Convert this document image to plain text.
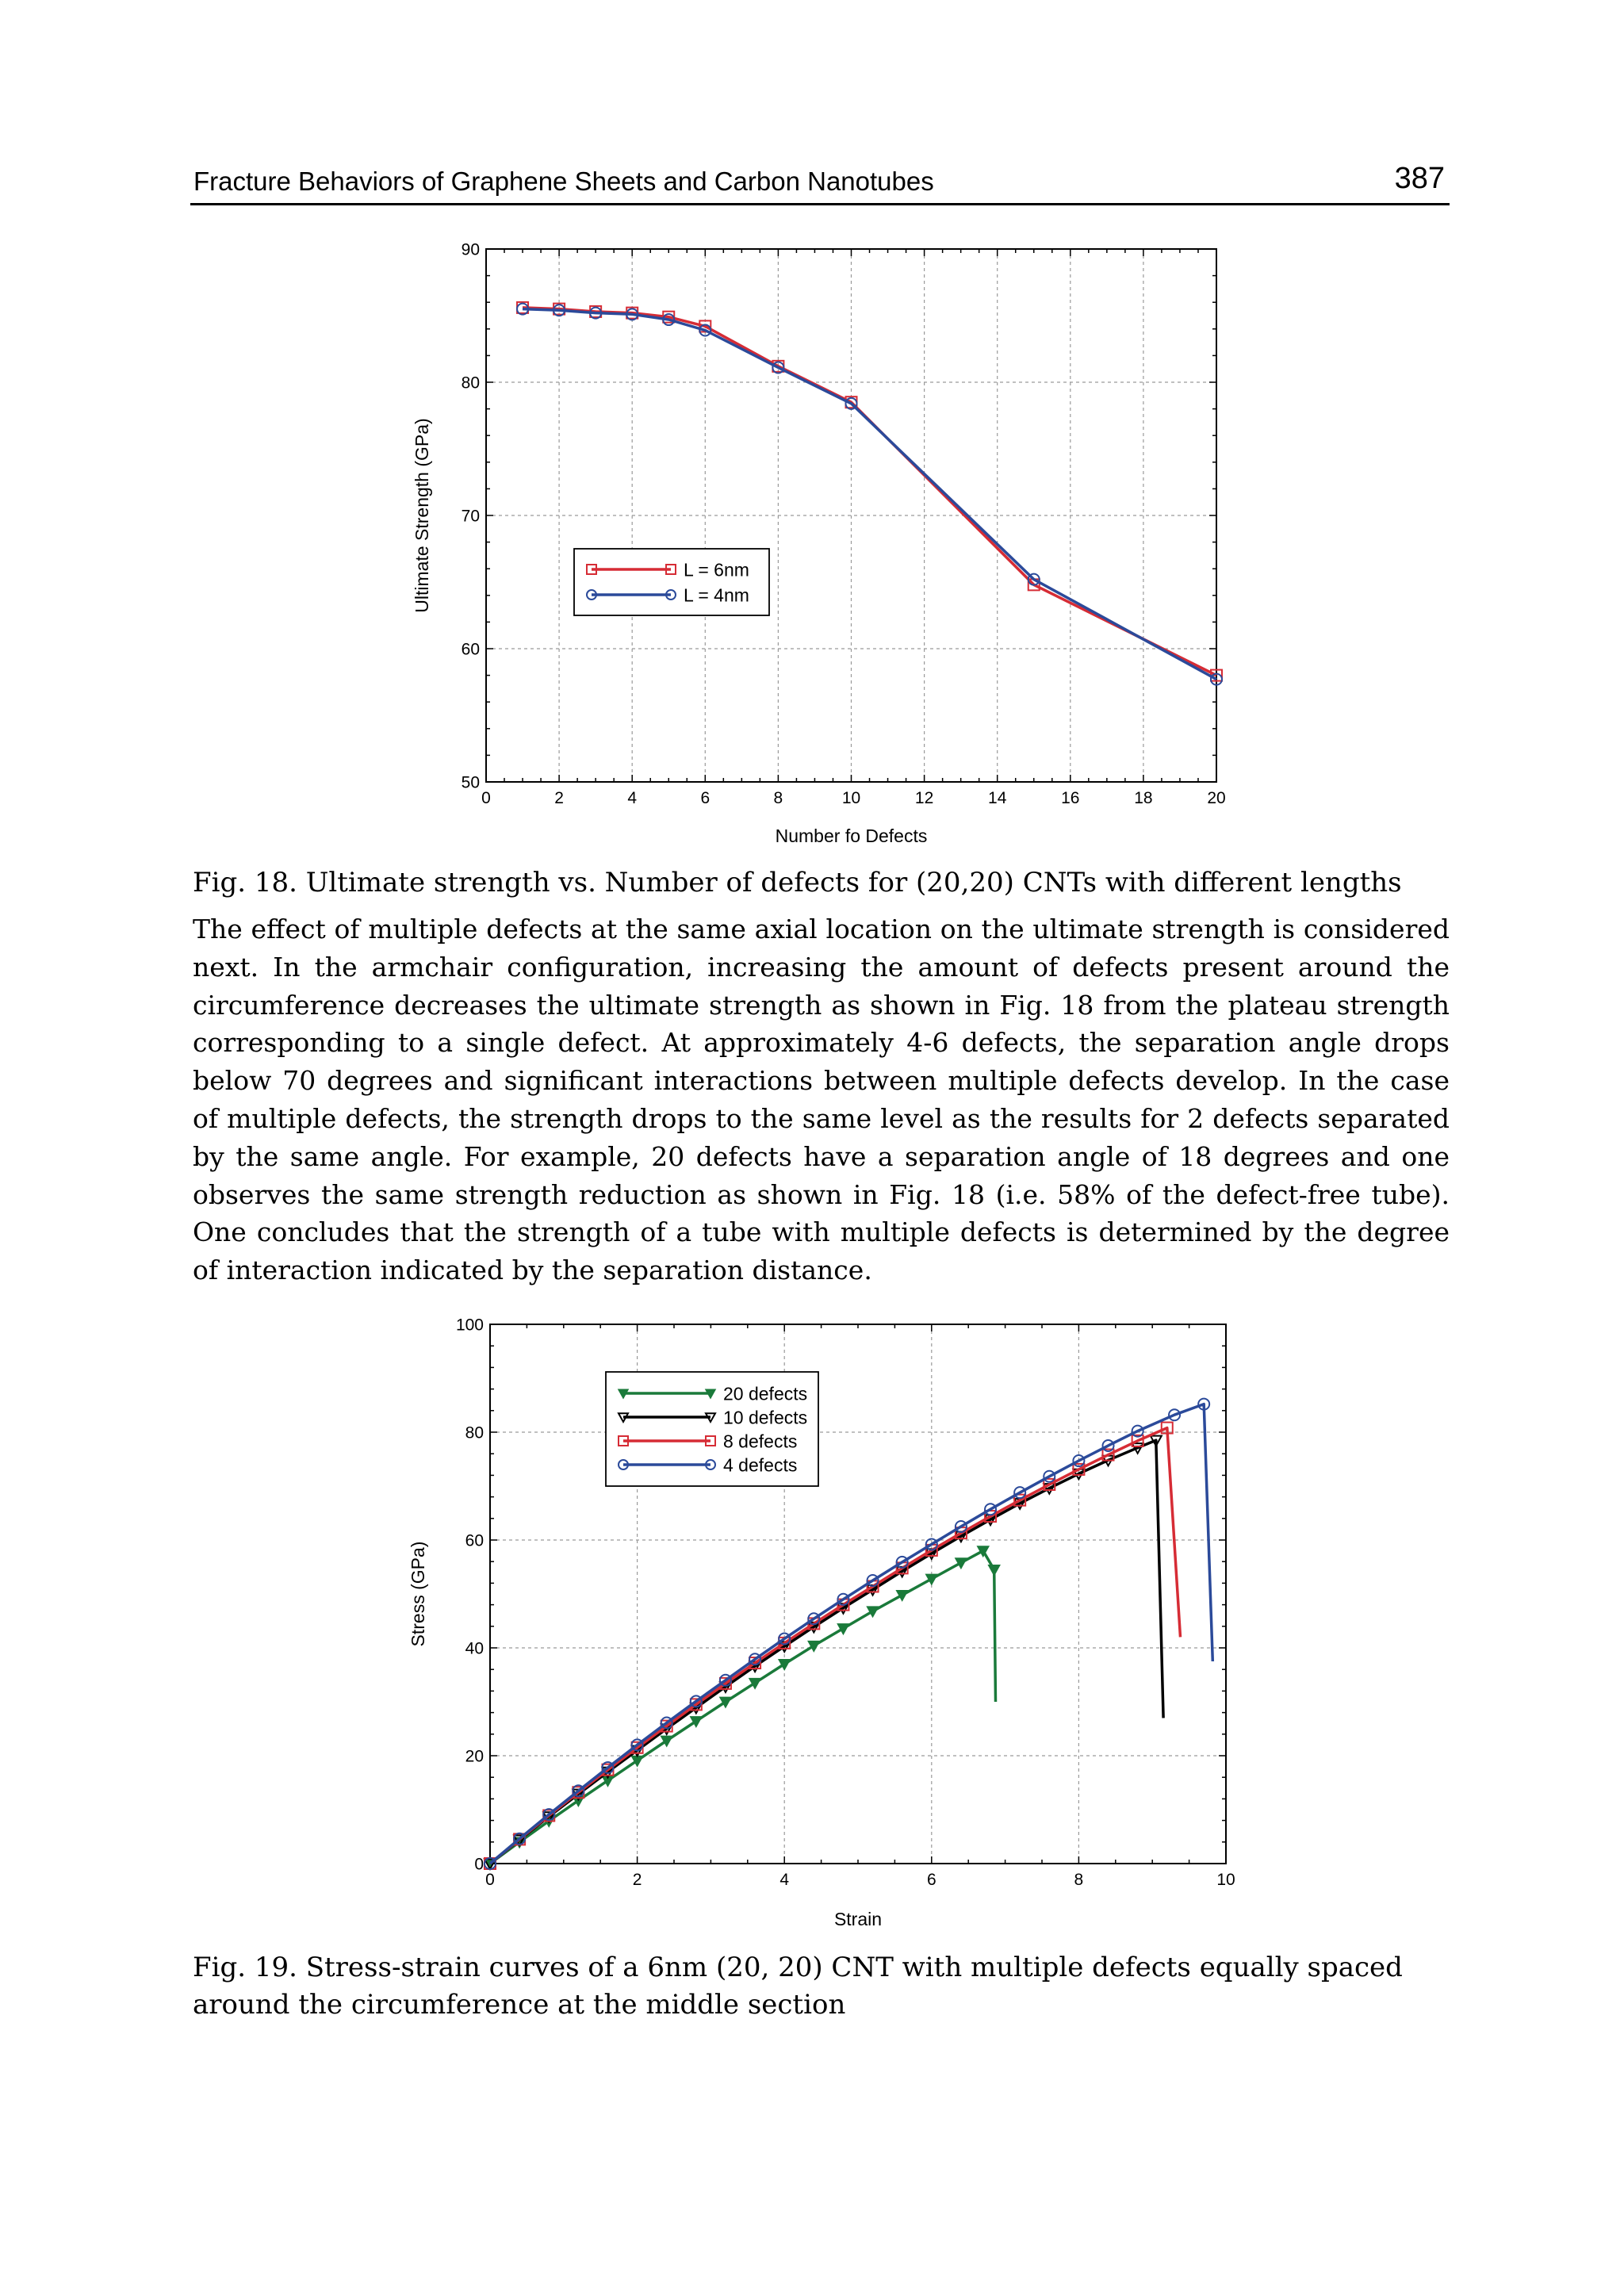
Fracture Behaviors of Graphene Sheets and Carbon Nanotubes	387
0	2	4	6	8	10	12	14	16	18	20
50
60
70
80
90
Number fo Defects
Ultimate Strength (GPa)	L = 6nm
L = 4nm
Fig. 18. Ultimate strength vs. Number of defects for (20,20) CNTs with different lengths

The effect of multiple defects at the same axial location on the ultimate strength is considered next. In the armchair configuration, increasing the amount of defects present around the circumference decreases the ultimate strength as shown in Fig. 18 from the plateau strength corresponding to a single defect. At approximately 4-6 defects, the separation angle drops below 70 degrees and significant interactions between multiple defects develop. In the case of multiple defects, the strength drops to the same level as the results for 2 defects separated by the same angle. For example, 20 defects have a separation angle of 18 degrees and one observes the same strength reduction as shown in Fig. 18 (i.e. 58% of the defect-free tube). One concludes that the strength of a tube with multiple defects is determined by the degree of interaction indicated by the separation distance.

0	2	4	6	8	10
0
20
40
60
80
100
Strain
Stress (GPa)
20 defects
10 defects
8 defects
4 defects
Fig. 19. Stress-strain curves of a 6nm (20, 20) CNT with multiple defects equally spaced
around the circumference at the middle section
